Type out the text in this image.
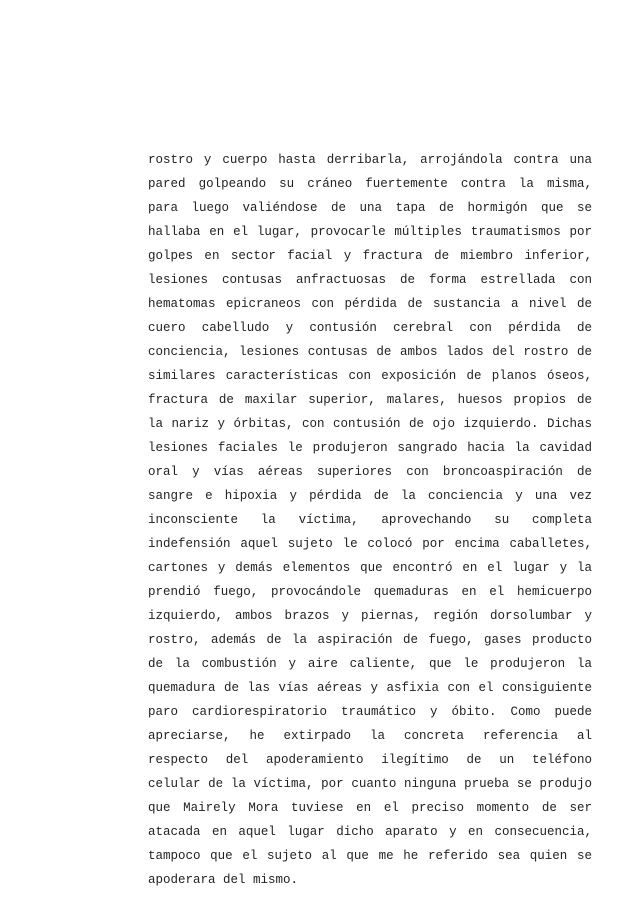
rostro y cuerpo hasta derribarla, arrojándola contra una
pared golpeando su cráneo fuertemente contra la misma,
para luego valiéndose de una tapa de hormigón que se
hallaba en el lugar, provocarle múltiples traumatismos por
golpes en sector facial y fractura de miembro inferior,
lesiones contusas anfractuosas de forma estrellada con
hematomas epicraneos con pérdida de sustancia a nivel de
cuero cabelludo y contusión cerebral con pérdida de
conciencia, lesiones contusas de ambos lados del rostro de
similares características con exposición de planos óseos,
fractura de maxilar superior, malares, huesos propios de
la nariz y órbitas, con contusión de ojo izquierdo. Dichas
lesiones faciales le produjeron sangrado hacia la cavidad
oral y vías aéreas superiores con broncoaspiración de
sangre e hipoxia y pérdida de la conciencia y una vez
inconsciente la víctima, aprovechando su completa
indefensión aquel sujeto le colocó por encima caballetes,
cartones y demás elementos que encontró en el lugar y la
prendió fuego, provocándole quemaduras en el hemicuerpo
izquierdo, ambos brazos y piernas, región dorsolumbar y
rostro, además de la aspiración de fuego, gases producto
de la combustión y aire caliente, que le produjeron la
quemadura de las vías aéreas y asfixia con el consiguiente
paro cardiorespiratorio traumático y óbito. Como puede
apreciarse, he extirpado la concreta referencia al
respecto del apoderamiento ilegítimo de un teléfono
celular de la víctima, por cuanto ninguna prueba se produjo
que Mairely Mora tuviese en el preciso momento de ser
atacada en aquel lugar dicho aparato y en consecuencia,
tampoco que el sujeto al que me he referido sea quien se
apoderara del mismo.
